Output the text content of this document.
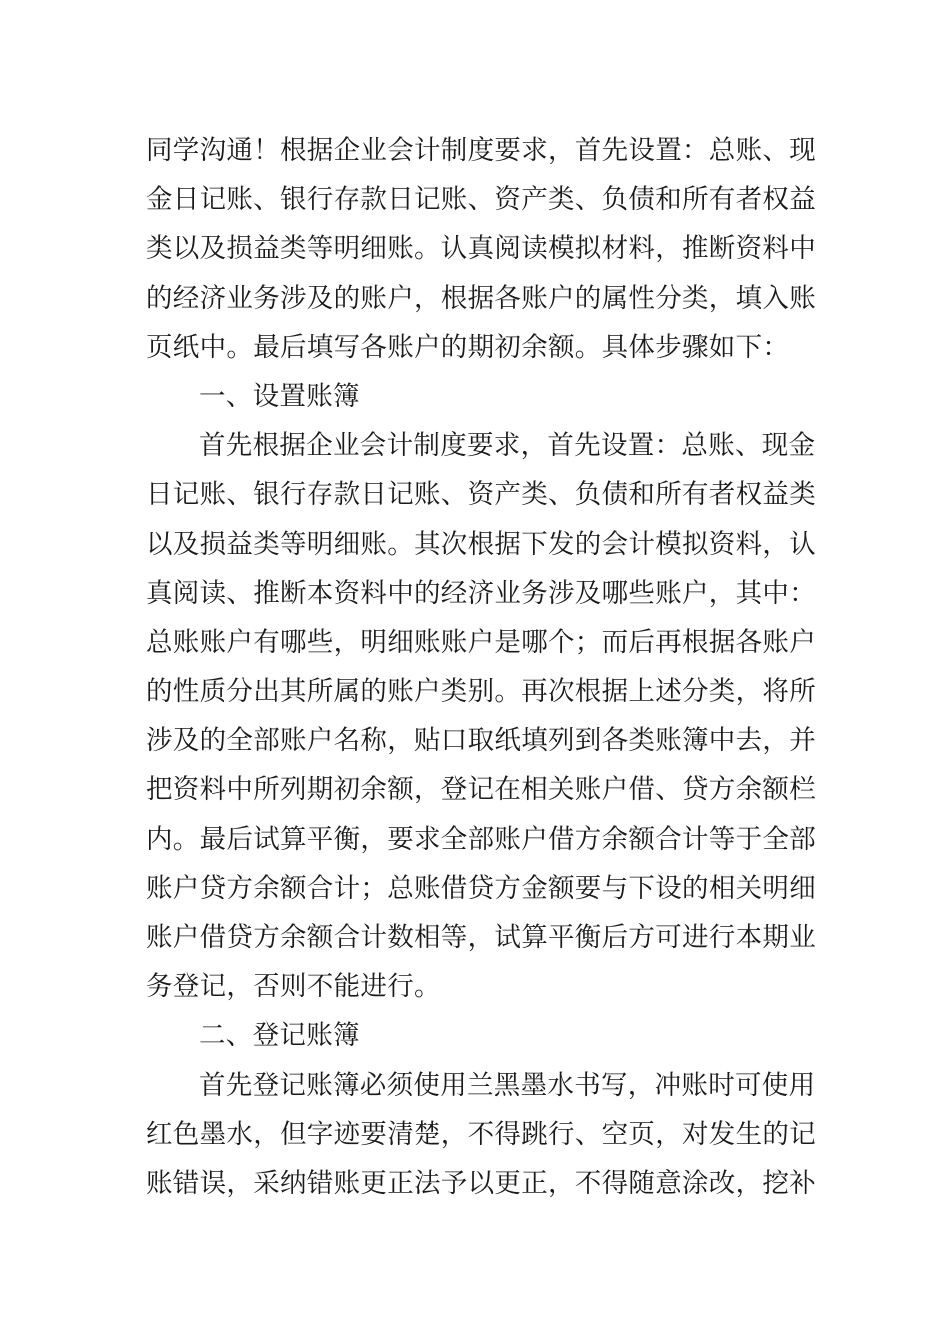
同学沟通！根据企业会计制度要求，首先设置：总账、现
金日记账、银行存款日记账、资产类、负债和所有者权益
类以及损益类等明细账。认真阅读模拟材料，推断资料中
的经济业务涉及的账户，根据各账户的属性分类，填入账
页纸中。最后填写各账户的期初余额。具体步骤如下：
一、设置账簿
首先根据企业会计制度要求，首先设置：总账、现金
日记账、银行存款日记账、资产类、负债和所有者权益类
以及损益类等明细账。其次根据下发的会计模拟资料，认
真阅读、推断本资料中的经济业务涉及哪些账户，其中：
总账账户有哪些，明细账账户是哪个；而后再根据各账户
的性质分出其所属的账户类别。再次根据上述分类，将所
涉及的全部账户名称，贴口取纸填列到各类账簿中去，并
把资料中所列期初余额，登记在相关账户借、贷方余额栏
内。最后试算平衡，要求全部账户借方余额合计等于全部
账户贷方余额合计；总账借贷方金额要与下设的相关明细
账户借贷方余额合计数相等，试算平衡后方可进行本期业
务登记，否则不能进行。
二、登记账簿
首先登记账簿必须使用兰黑墨水书写，冲账时可使用
红色墨水，但字迹要清楚，不得跳行、空页，对发生的记
账错误，采纳错账更正法予以更正，不得随意涂改，挖补
